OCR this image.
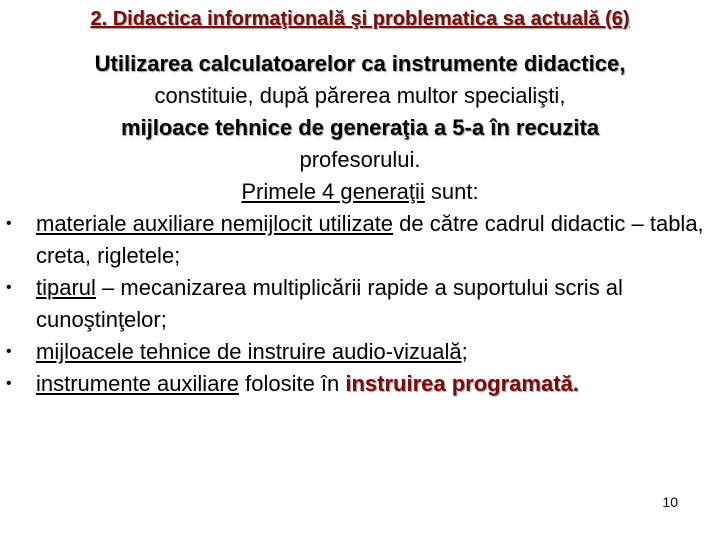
2. Didactica informaţională şi problematica sa actuală (6)
Utilizarea calculatoarelor ca instrumente didactice,
constituie, după părerea multor specialişti,
mijloace tehnice de generaţia a 5-a în recuzita
profesorului.
Primele 4 generaţii sunt:
• materiale auxiliare nemijlocit utilizate de către cadrul didactic – tabla, creta, rigletele;
• tiparul – mecanizarea multiplicării rapide a suportului scris al cunoştinţelor;
• mijloacele tehnice de instruire audio-vizuală;
• instrumente auxiliare folosite în instruirea programată.
10
